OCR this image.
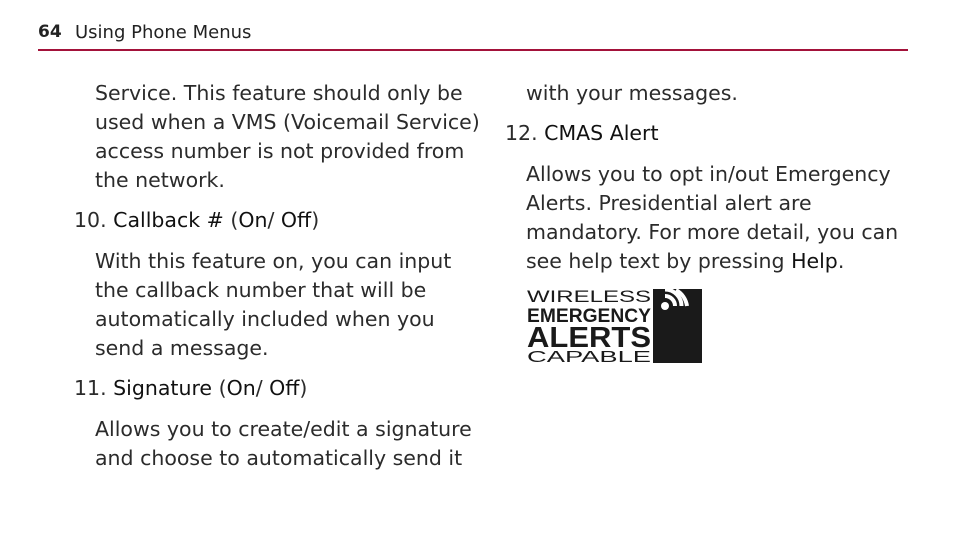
64 Using Phone Menus

Service. This feature should only be used when a VMS (Voicemail Service) access number is not provided from the network.

10. Callback # (On/ Off)

With this feature on, you can input the callback number that will be automatically included when you send a message.

11. Signature (On/ Off)

Allows you to create/edit a signature and choose to automatically send it

with your messages.

12. CMAS Alert

Allows you to opt in/out Emergency Alerts. Presidential alert are mandatory. For more detail, you can see help text by pressing Help.

WIRELESS
EMERGENCY
ALERTS
CAPABLE
